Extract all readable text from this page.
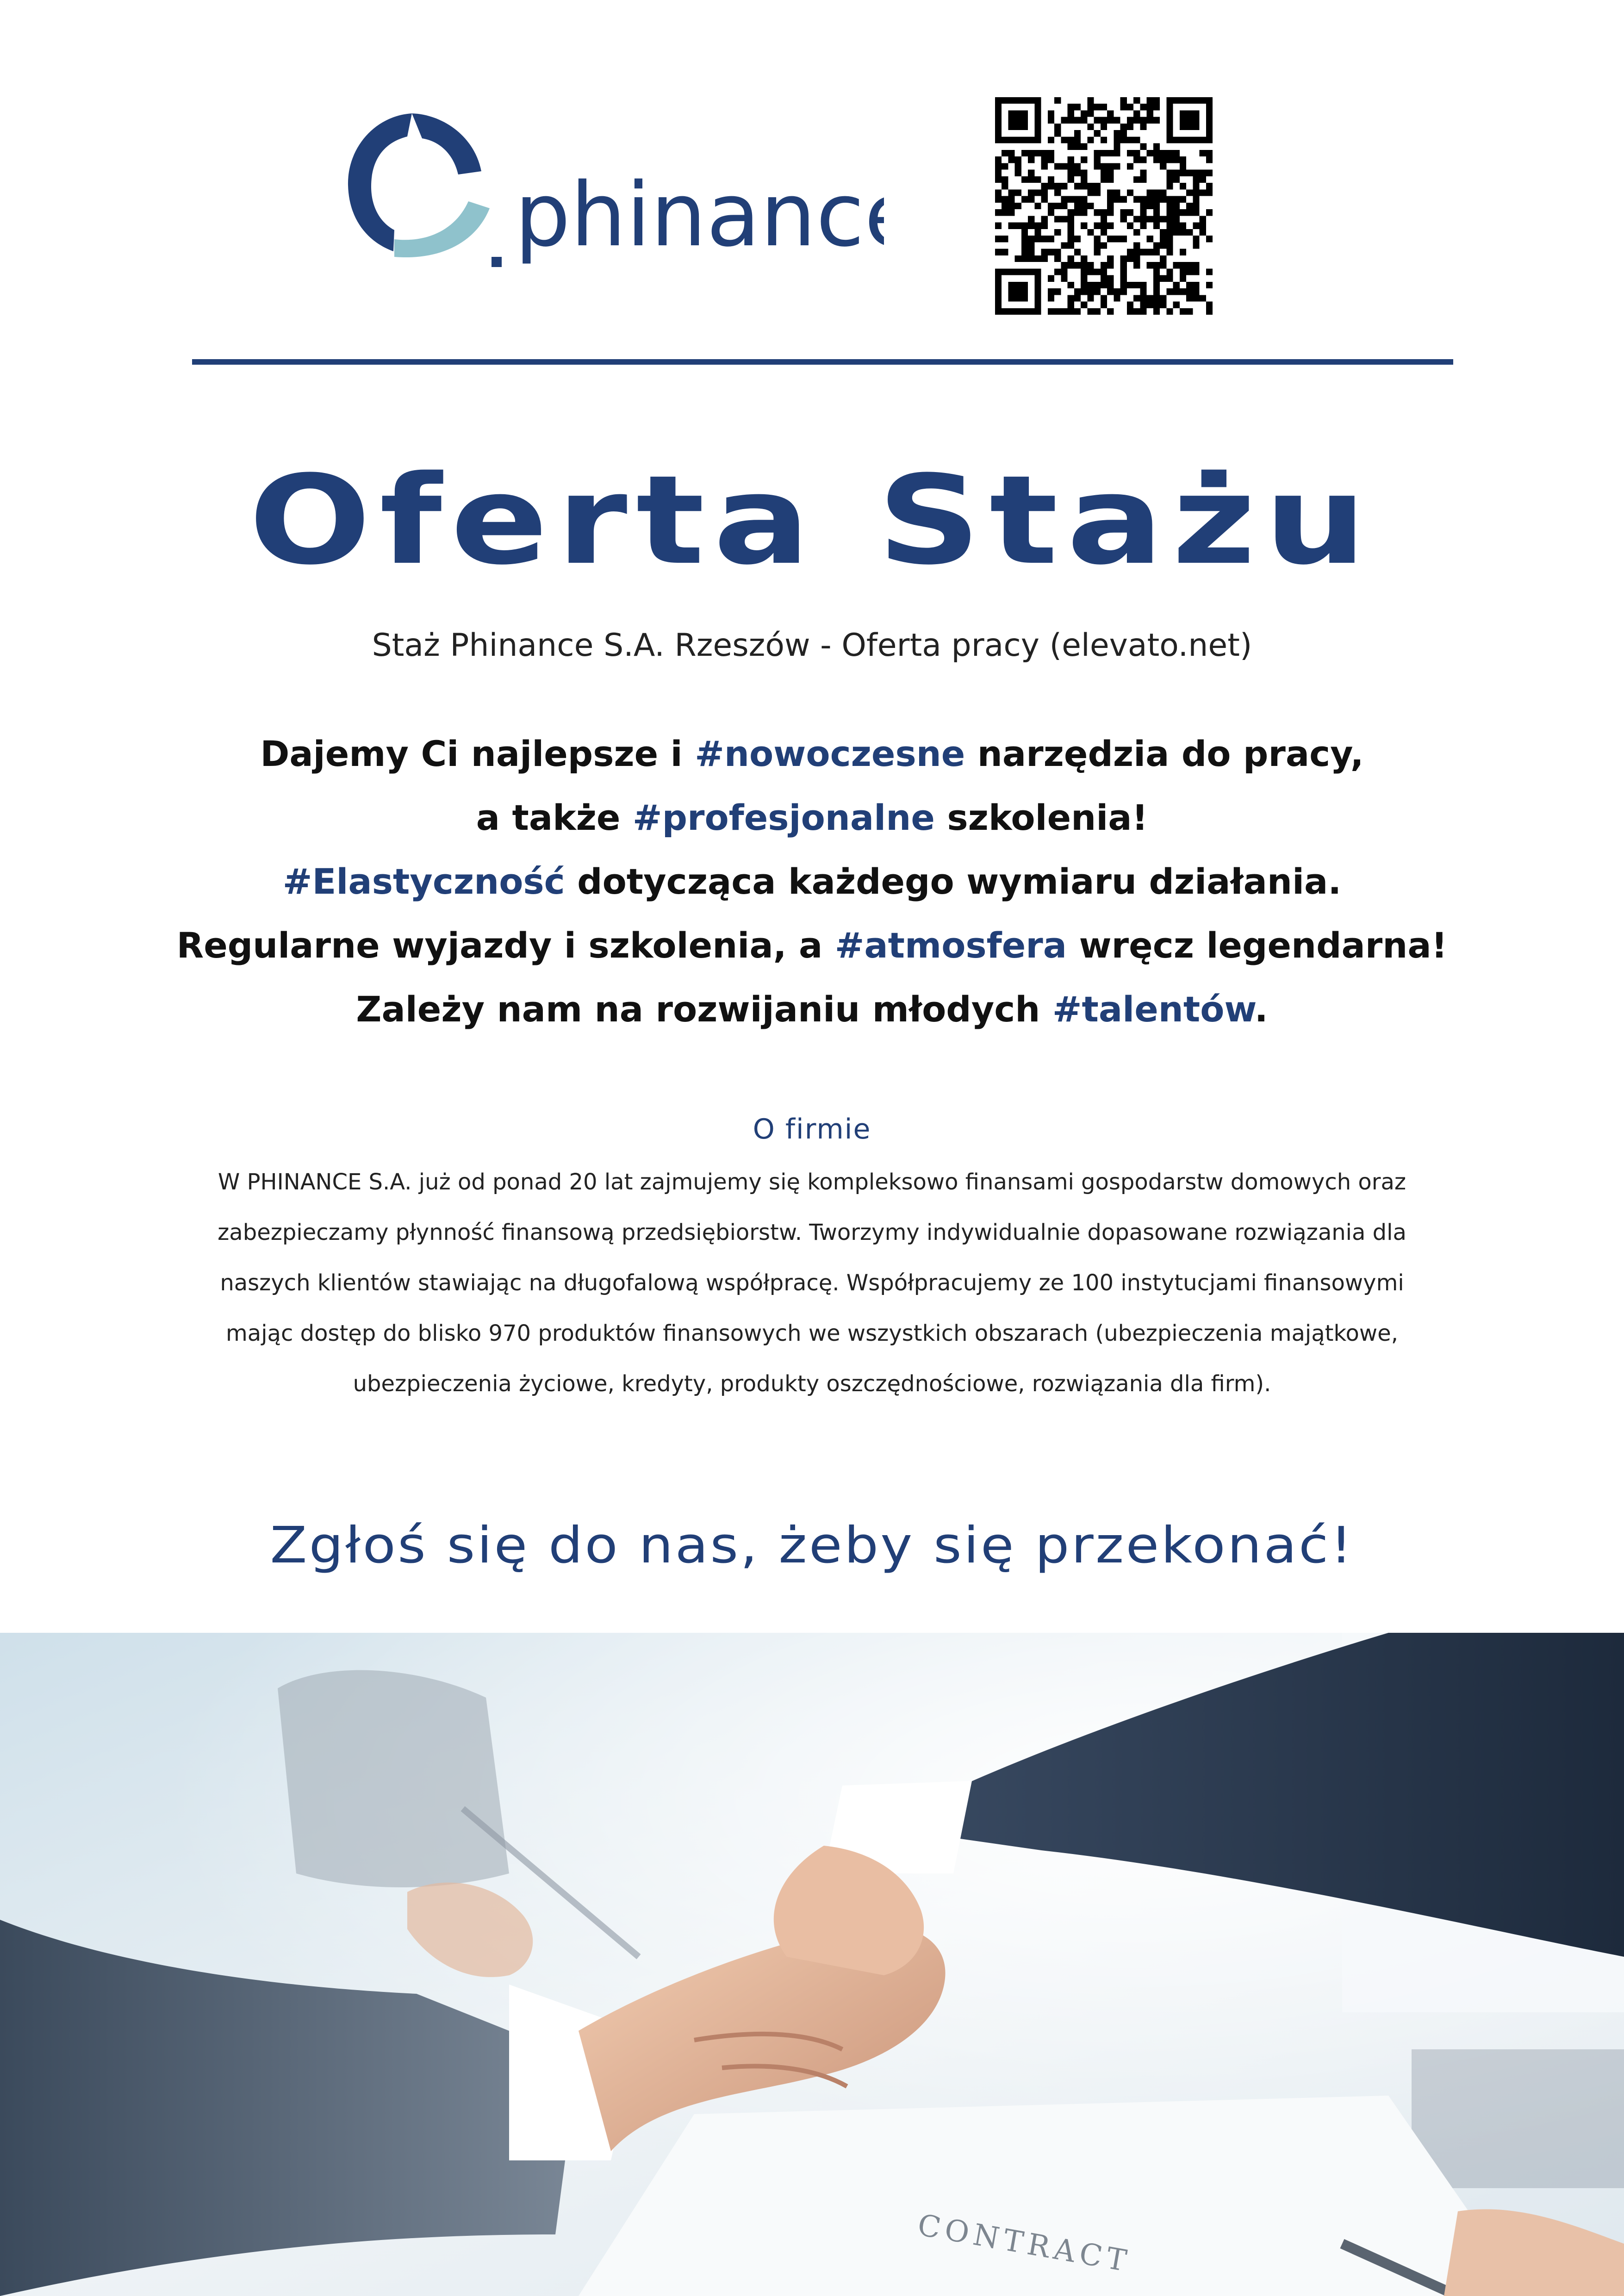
phinance
Oferta Stażu
Staż Phinance S.A. Rzeszów - Oferta pracy (elevato.net)
Dajemy Ci najlepsze i #nowoczesne narzędzia do pracy,
a także #profesjonalne szkolenia!
#Elastyczność dotycząca każdego wymiaru działania.
Regularne wyjazdy i szkolenia, a #atmosfera wręcz legendarna!
Zależy nam na rozwijaniu młodych #talentów.
O firmie
W PHINANCE S.A. już od ponad 20 lat zajmujemy się kompleksowo finansami gospodarstw domowych oraz
zabezpieczamy płynność finansową przedsiębiorstw. Tworzymy indywidualnie dopasowane rozwiązania dla
naszych klientów stawiając na długofalową współpracę. Współpracujemy ze 100 instytucjami finansowymi
mając dostęp do blisko 970 produktów finansowych we wszystkich obszarach (ubezpieczenia majątkowe,
ubezpieczenia życiowe, kredyty, produkty oszczędnościowe, rozwiązania dla firm).
Zgłoś się do nas, żeby się przekonać!
CONTRACT
